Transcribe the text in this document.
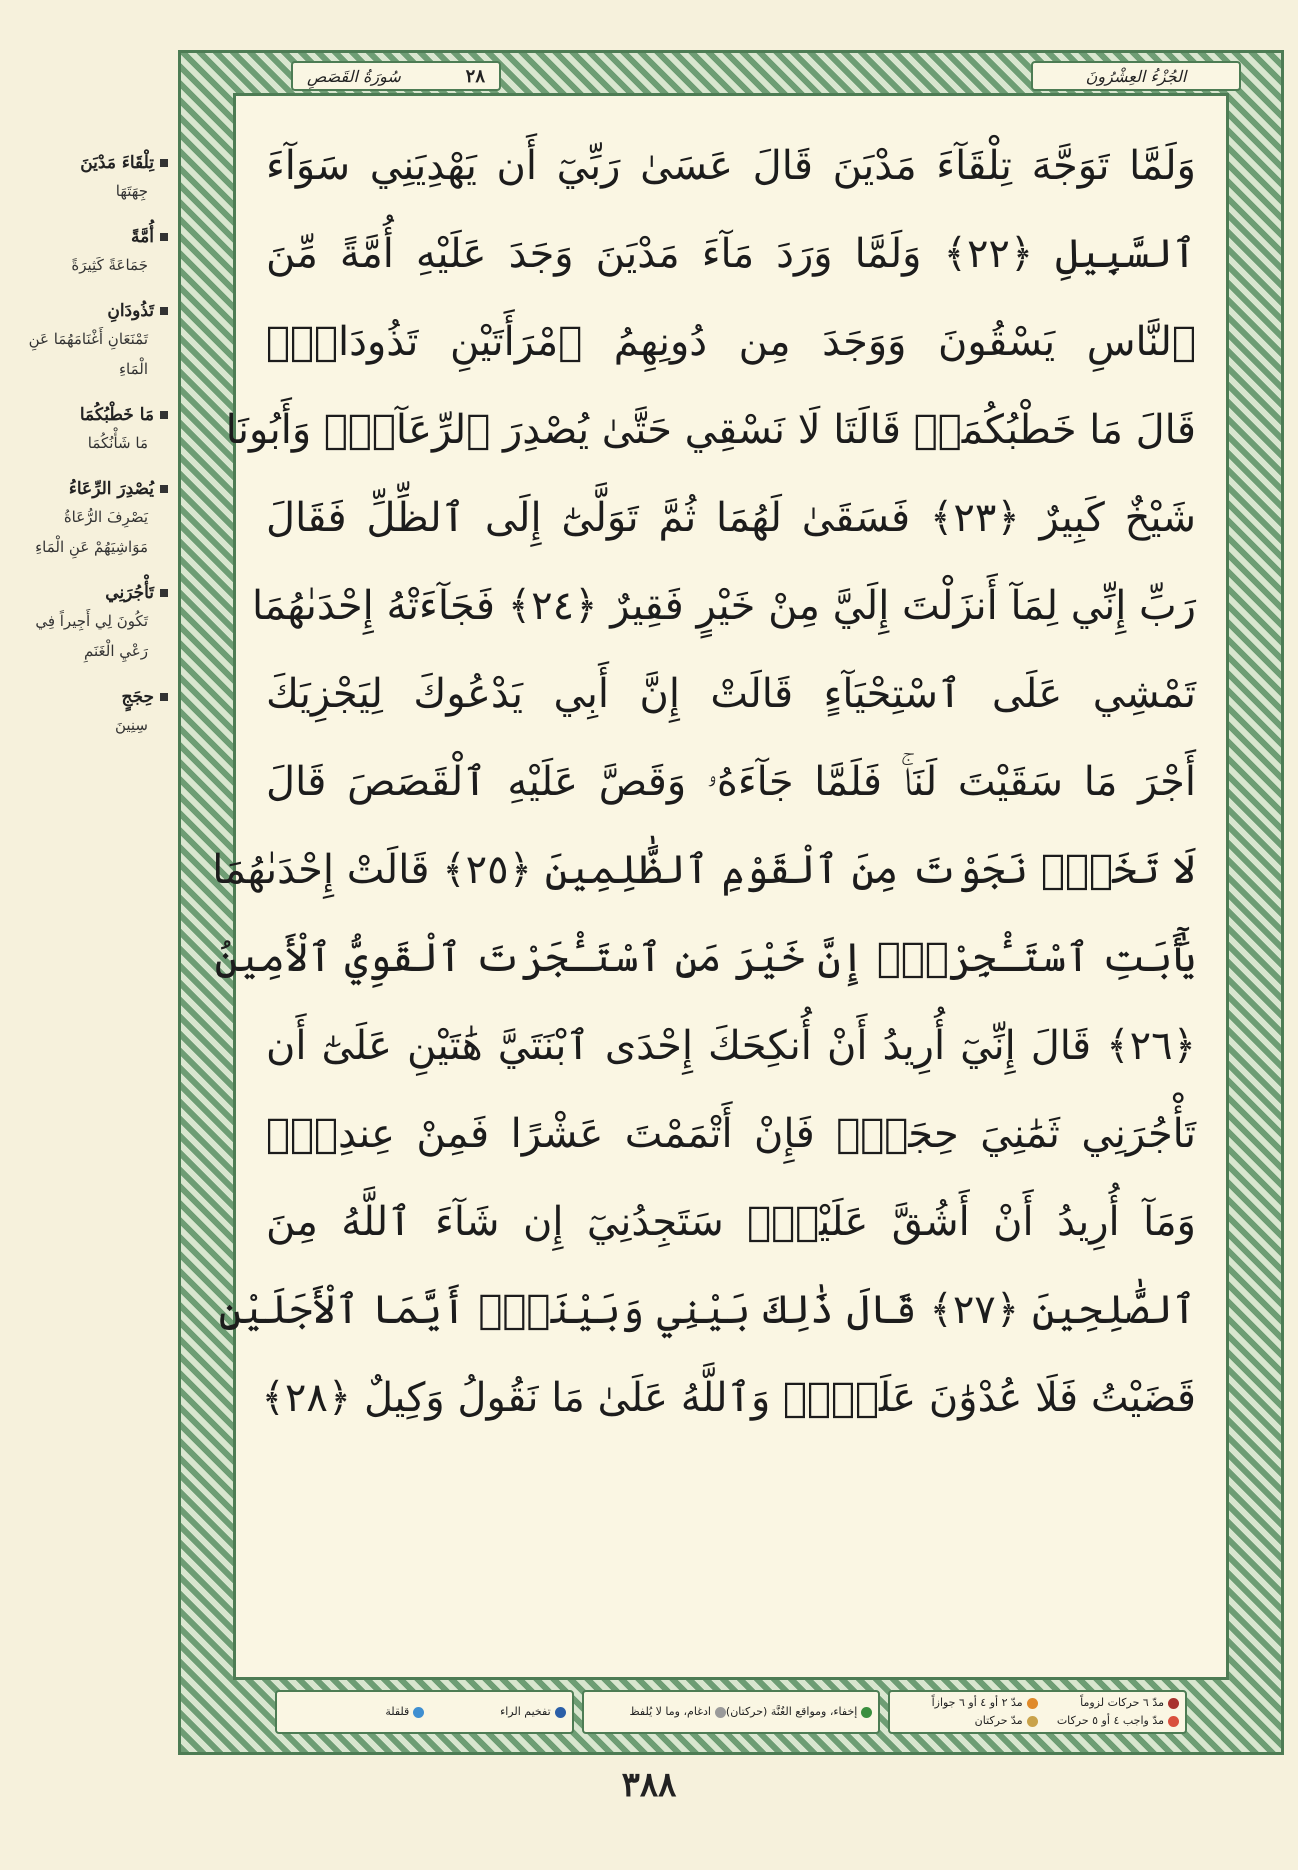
تِلْقَاءَ مَدْيَنَ
جِهَتَهَا
أُمَّةً
جَمَاعَةً كَثِيرَةً
تَذُودَانِ
تَمْنَعَانِ أَغْنَامَهُمَا عَنِ الْمَاءِ
مَا خَطْبُكُمَا
مَا شَأْنُكُمَا
يُصْدِرَ الرِّعَاءُ
يَصْرِفَ الرُّعَاةُ مَوَاشِيَهُمْ عَنِ الْمَاءِ
تَأْجُرَنِي
تَكُونَ لِي أَجِيراً فِي رَعْيِ الْغَنَمِ
حِجَجٍ
سِنِينَ
٢٨
سُورَةُ القَصَصِ	الجُزْءُ العِشْرُونَ
وَلَمَّا تَوَجَّهَ تِلْقَآءَ مَدْيَنَ قَالَ عَسَىٰ رَبِّيٓ أَن يَهْدِيَنِي سَوَآءَ
ٱلسَّبِيلِ ﴿٢٢﴾ وَلَمَّا وَرَدَ مَآءَ مَدْيَنَ وَجَدَ عَلَيْهِ أُمَّةً مِّنَ
ٱلنَّاسِ يَسْقُونَ وَوَجَدَ مِن دُونِهِمُ ٱمْرَأَتَيْنِ تَذُودَانِۖ
قَالَ مَا خَطْبُكُمَاۖ قَالَتَا لَا نَسْقِي حَتَّىٰ يُصْدِرَ ٱلرِّعَآءُۖ وَأَبُونَا
شَيْخٌ كَبِيرٌ ﴿٢٣﴾ فَسَقَىٰ لَهُمَا ثُمَّ تَوَلَّىٰٓ إِلَى ٱلظِّلِّ فَقَالَ
رَبِّ إِنِّي لِمَآ أَنزَلْتَ إِلَيَّ مِنْ خَيْرٍ فَقِيرٌ ﴿٢٤﴾ فَجَآءَتْهُ إِحْدَىٰهُمَا
تَمْشِي عَلَى ٱسْتِحْيَآءٍ قَالَتْ إِنَّ أَبِي يَدْعُوكَ لِيَجْزِيَكَ
أَجْرَ مَا سَقَيْتَ لَنَاۚ فَلَمَّا جَآءَهُۥ وَقَصَّ عَلَيْهِ ٱلْقَصَصَ قَالَ
لَا تَخَفْۖ نَجَوْتَ مِنَ ٱلْقَوْمِ ٱلظَّٰلِمِينَ ﴿٢٥﴾ قَالَتْ إِحْدَىٰهُمَا
يَٰٓأَبَتِ ٱسْتَـْٔجِرْهُۖ إِنَّ خَيْرَ مَنِ ٱسْتَـْٔجَرْتَ ٱلْقَوِيُّ ٱلْأَمِينُ
﴿٢٦﴾ قَالَ إِنِّيٓ أُرِيدُ أَنْ أُنكِحَكَ إِحْدَى ٱبْنَتَيَّ هَٰتَيْنِ عَلَىٰٓ أَن
تَأْجُرَنِي ثَمَٰنِيَ حِجَجٍۖ فَإِنْ أَتْمَمْتَ عَشْرًا فَمِنْ عِندِكَۖ
وَمَآ أُرِيدُ أَنْ أَشُقَّ عَلَيْكَۚ سَتَجِدُنِيٓ إِن شَآءَ ٱللَّهُ مِنَ
ٱلصَّٰلِحِينَ ﴿٢٧﴾ قَالَ ذَٰلِكَ بَيْنِي وَبَيْنَكَۖ أَيَّمَا ٱلْأَجَلَيْنِ
قَضَيْتُ فَلَا عُدْوَٰنَ عَلَيَّۖ وَٱللَّهُ عَلَىٰ مَا نَقُولُ وَكِيلٌ ﴿٢٨﴾
مدّ ٦ حركات لزوماً
مدّ ٢ أو ٤ أو ٦ جوازاً
مدّ واجب ٤ أو ٥ حركات
مدّ حركتان
إخفاء، ومواقع الغُنَّة (حركتان)
ادغام، وما لا يُلفظ
تفخيم الراء
قلقلة
٣٨٨
